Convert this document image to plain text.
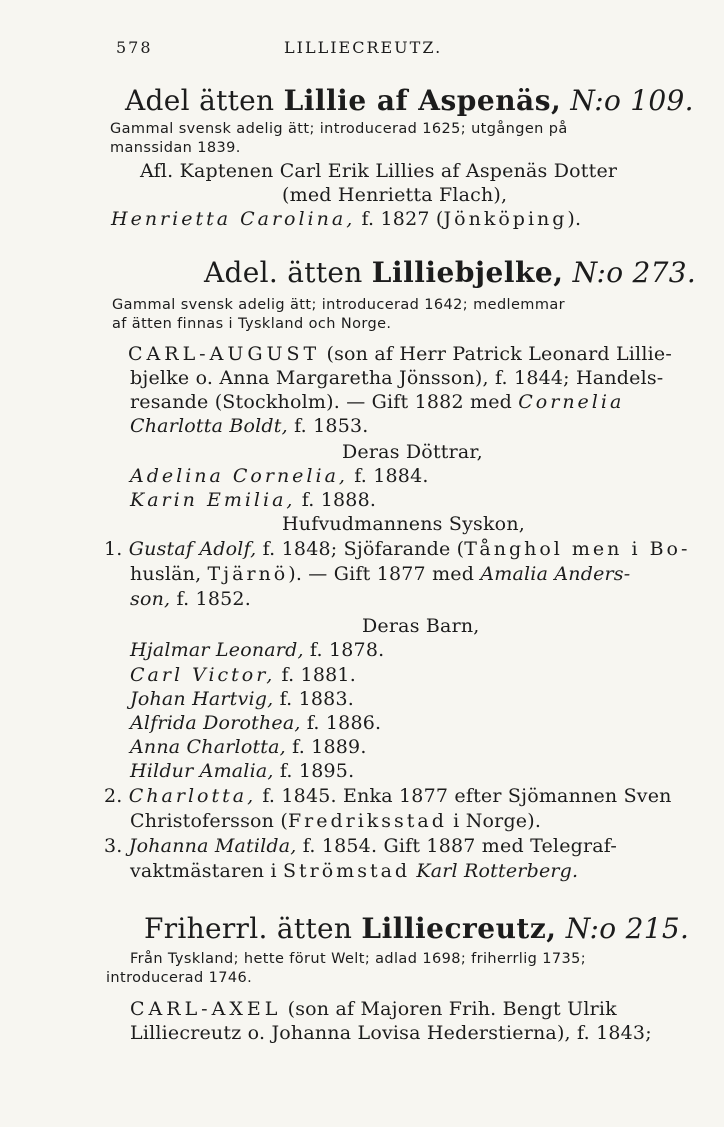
578	LILLIECREUTZ.
Adel ätten Lillie af Aspenäs, N:o 109.
Gammal svensk adelig ätt; introducerad 1625; utgången på
manssidan 1839.
Afl. Kaptenen Carl Erik Lillies af Aspenäs Dotter
(med Henrietta Flach),
Henrietta Carolina, f. 1827 (Jönköping).
Adel. ätten Lilliebjelke, N:o 273.
Gammal svensk adelig ätt; introducerad 1642; medlemmar
af ätten finnas i Tyskland och Norge.
CARL-AUGUST (son af Herr Patrick Leonard Lillie-
bjelke o. Anna Margaretha Jönsson), f. 1844; Handels-
resande (Stockholm). — Gift 1882 med Cornelia
Charlotta Boldt, f. 1853.
Deras Döttrar,
Adelina Cornelia, f. 1884.
Karin Emilia, f. 1888.
Hufvudmannens Syskon,
1. Gustaf Adolf, f. 1848; Sjöfarande (Tånghol men i Bo-
huslän, Tjärnö). — Gift 1877 med Amalia Anders-
son, f. 1852.
Deras Barn,
Hjalmar Leonard, f. 1878.
Carl Victor, f. 1881.
Johan Hartvig, f. 1883.
Alfrida Dorothea, f. 1886.
Anna Charlotta, f. 1889.
Hildur Amalia, f. 1895.
2. Charlotta, f. 1845. Enka 1877 efter Sjömannen Sven
Christofersson (Fredriksstad i Norge).
3. Johanna Matilda, f. 1854. Gift 1887 med Telegraf-
vaktmästaren i Strömstad Karl Rotterberg.
Friherrl. ätten Lilliecreutz, N:o 215.
Från Tyskland; hette förut Welt; adlad 1698; friherrlig 1735;
introducerad 1746.
CARL-AXEL (son af Majoren Frih. Bengt Ulrik
Lilliecreutz o. Johanna Lovisa Hederstierna), f. 1843;
